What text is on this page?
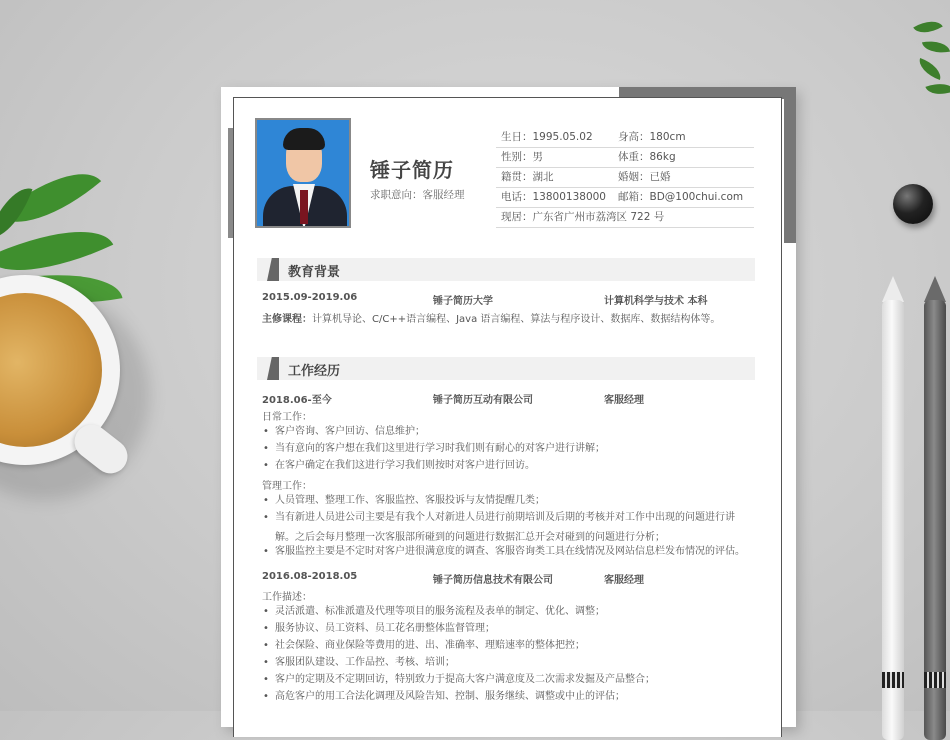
锤子简历
求职意向：客服经理
生日：1995.05.02	身高：180cm
性别：男	体重：86kg
籍贯：湖北	婚姻：已婚
电话：13800138000	邮箱：BD@100chui.com
现居：广东省广州市荔湾区 722 号
教育背景
2015.09-2019.06	锤子简历大学	计算机科学与技术 本科
主修课程：计算机导论、C/C++语言编程、Java 语言编程、算法与程序设计、数据库、数据结构体等。
工作经历
2018.06-至今	锤子简历互动有限公司	客服经理
日常工作：
• 客户咨询、客户回访、信息维护；
• 当有意向的客户想在我们这里进行学习时我们则有耐心的对客户进行讲解；
• 在客户确定在我们这进行学习我们则按时对客户进行回访。
管理工作：
• 人员管理、整理工作、客服监控、客服投诉与友情提醒几类；
• 当有新进人员进公司主要是有我个人对新进人员进行前期培训及后期的考核并对工作中出现的问题进行讲
解。之后会每月整理一次客服部所碰到的问题进行数据汇总开会对碰到的问题进行分析；
• 客服监控主要是不定时对客户进很满意度的调查、客服咨询类工具在线情况及网站信息栏发布情况的评估。
2016.08-2018.05	锤子简历信息技术有限公司	客服经理
工作描述：
• 灵活派遣、标准派遣及代理等项目的服务流程及表单的制定、优化、调整；
• 服务协议、员工资料、员工花名册整体监督管理；
• 社会保险、商业保险等费用的进、出、准确率、理赔速率的整体把控；
• 客服团队建设、工作品控、考核、培训；
• 客户的定期及不定期回访，特别致力于提高大客户满意度及二次需求发掘及产品整合；
• 高危客户的用工合法化调理及风险告知、控制、服务继续、调整或中止的评估；
